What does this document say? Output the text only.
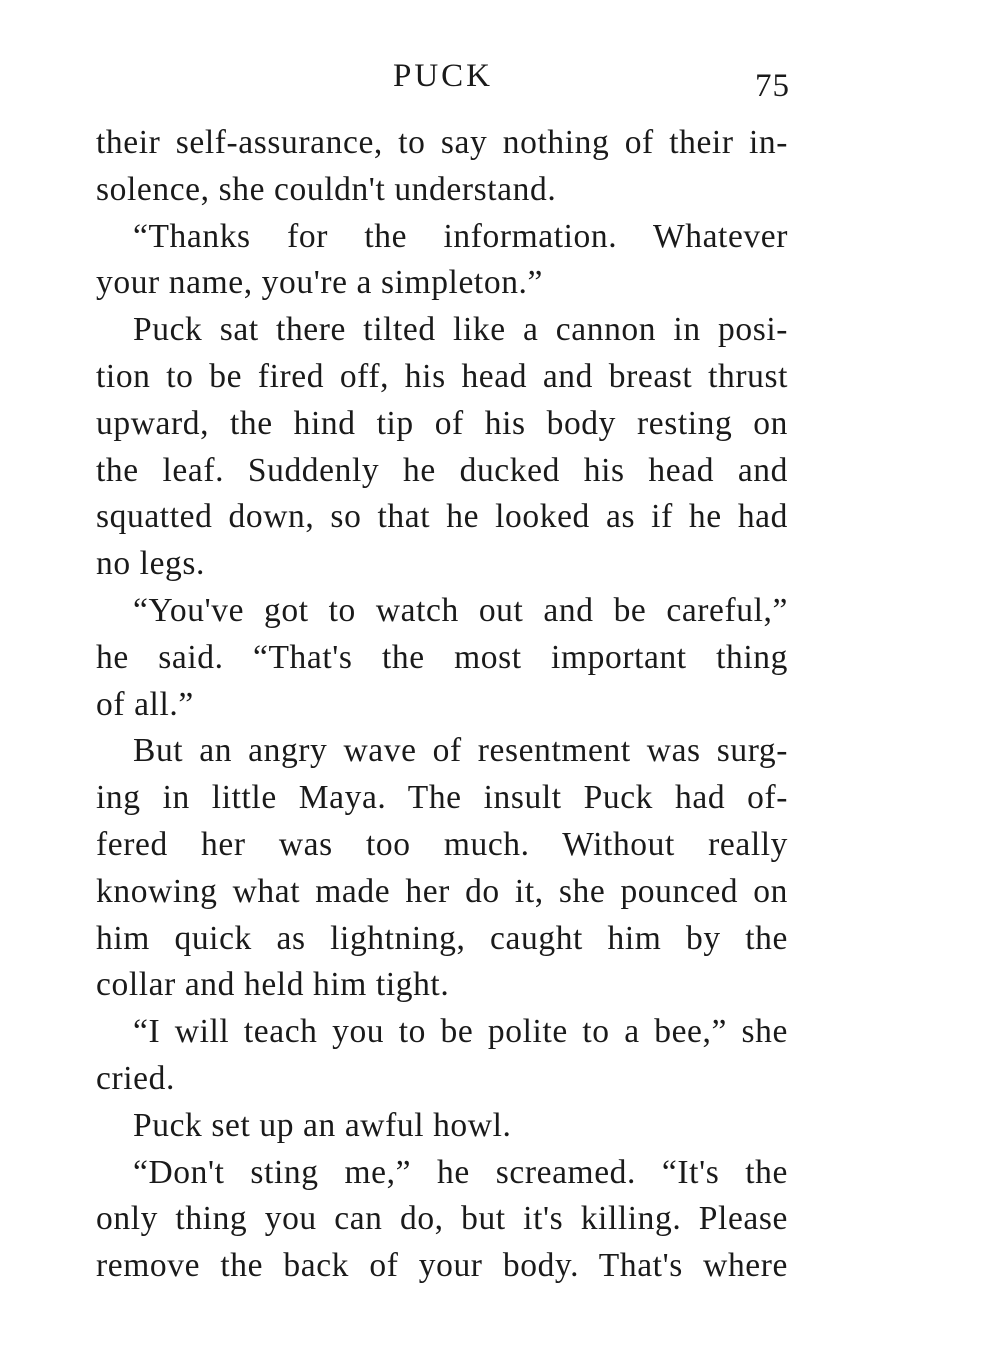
PUCK	75
their self-assurance, to say nothing of their in-
solence, she couldn't understand.
“Thanks for the information. Whatever
your name, you're a simpleton.”
Puck sat there tilted like a cannon in posi-
tion to be fired off, his head and breast thrust
upward, the hind tip of his body resting on
the leaf. Suddenly he ducked his head and
squatted down, so that he looked as if he had
no legs.
“You've got to watch out and be careful,”
he said. “That's the most important thing
of all.”
But an angry wave of resentment was surg-
ing in little Maya. The insult Puck had of-
fered her was too much. Without really
knowing what made her do it, she pounced on
him quick as lightning, caught him by the
collar and held him tight.
“I will teach you to be polite to a bee,” she
cried.
Puck set up an awful howl.
“Don't sting me,” he screamed. “It's the
only thing you can do, but it's killing. Please
remove the back of your body. That's where
